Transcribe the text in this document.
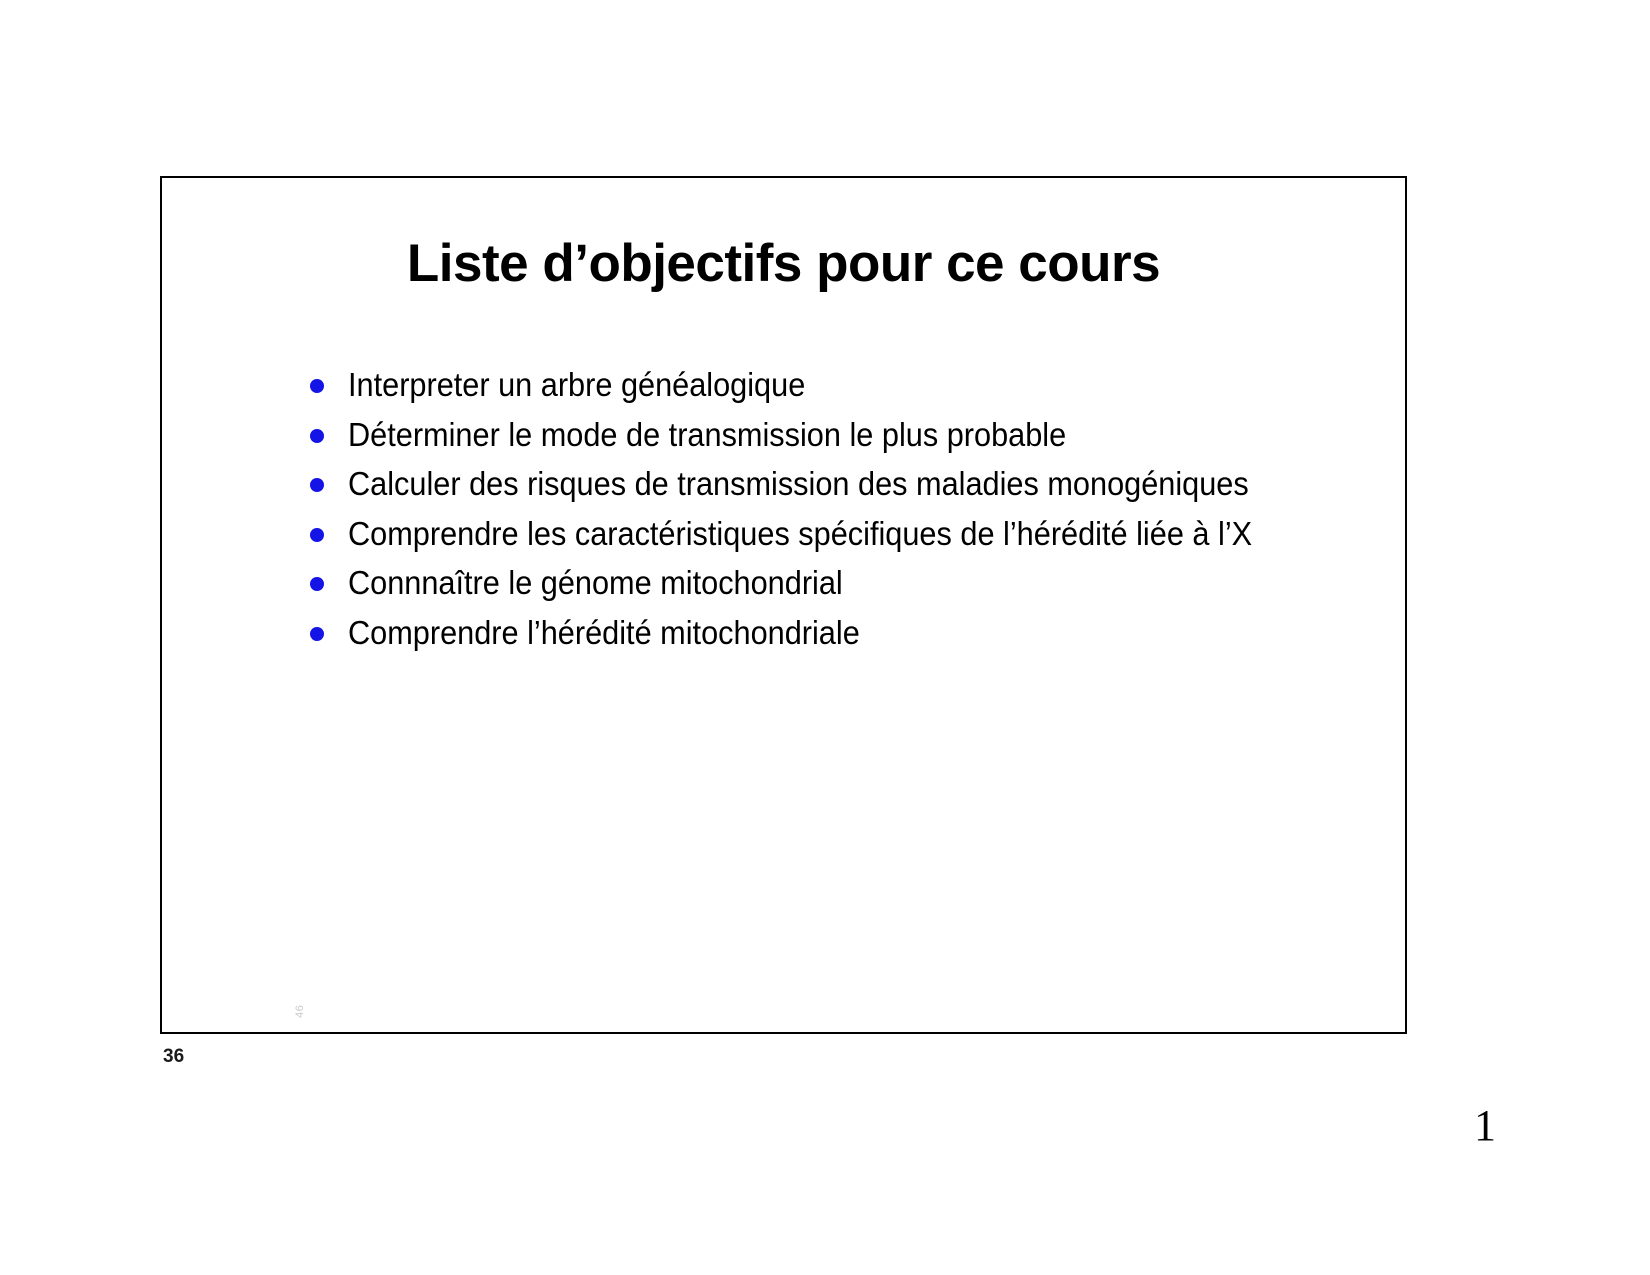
Liste d’objectifs pour ce cours
Interpreter un arbre généalogique
Déterminer le mode de transmission le plus probable
Calculer des risques de transmission des maladies monogéniques
Comprendre les caractéristiques spécifiques de l’hérédité liée à l’X
Connnaître le génome mitochondrial
Comprendre l’hérédité mitochondriale
46
36
1
